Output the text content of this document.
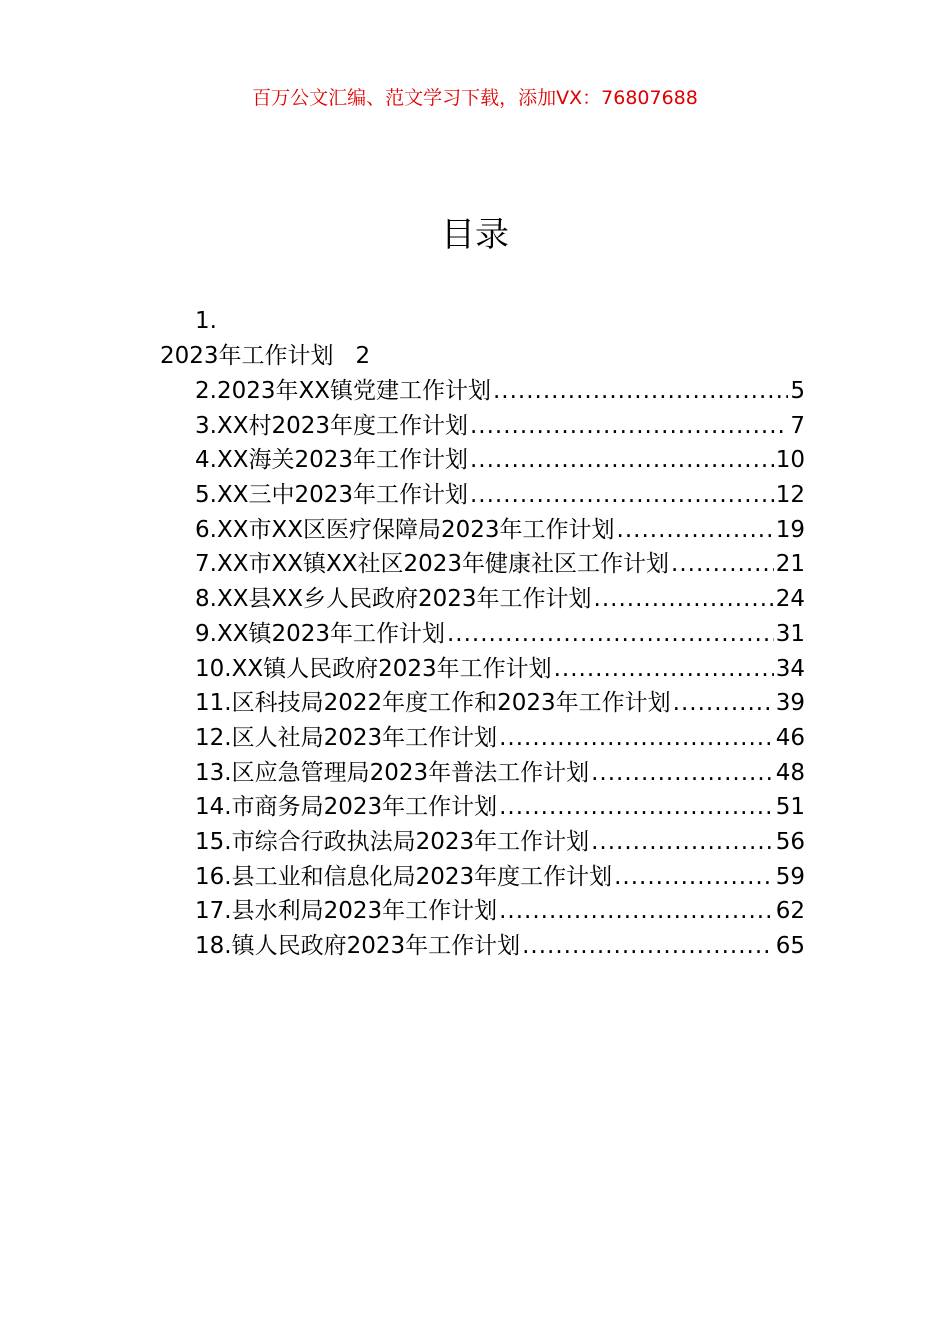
百万公文汇编、范文学习下载，添加VX：76807688
目录
1.
2023年工作计划 2
2.2023年XX镇党建工作计划 .....	5
3.XX村2023年度工作计划 .....	7
4.XX海关2023年工作计划 .....	10
5.XX三中2023年工作计划 .....	12
6.XX市XX区医疗保障局2023年工作计划 .....	19
7.XX市XX镇XX社区2023年健康社区工作计划 .....	21
8.XX县XX乡人民政府2023年工作计划 .....	24
9.XX镇2023年工作计划 .....	31
10.XX镇人民政府2023年工作计划 .....	34
11.区科技局2022年度工作和2023年工作计划 .....	39
12.区人社局2023年工作计划 .....	46
13.区应急管理局2023年普法工作计划 .....	48
14.市商务局2023年工作计划 .....	51
15.市综合行政执法局2023年工作计划 .....	56
16.县工业和信息化局2023年度工作计划 .....	59
17.县水利局2023年工作计划 .....	62
18.镇人民政府2023年工作计划 .....	65
